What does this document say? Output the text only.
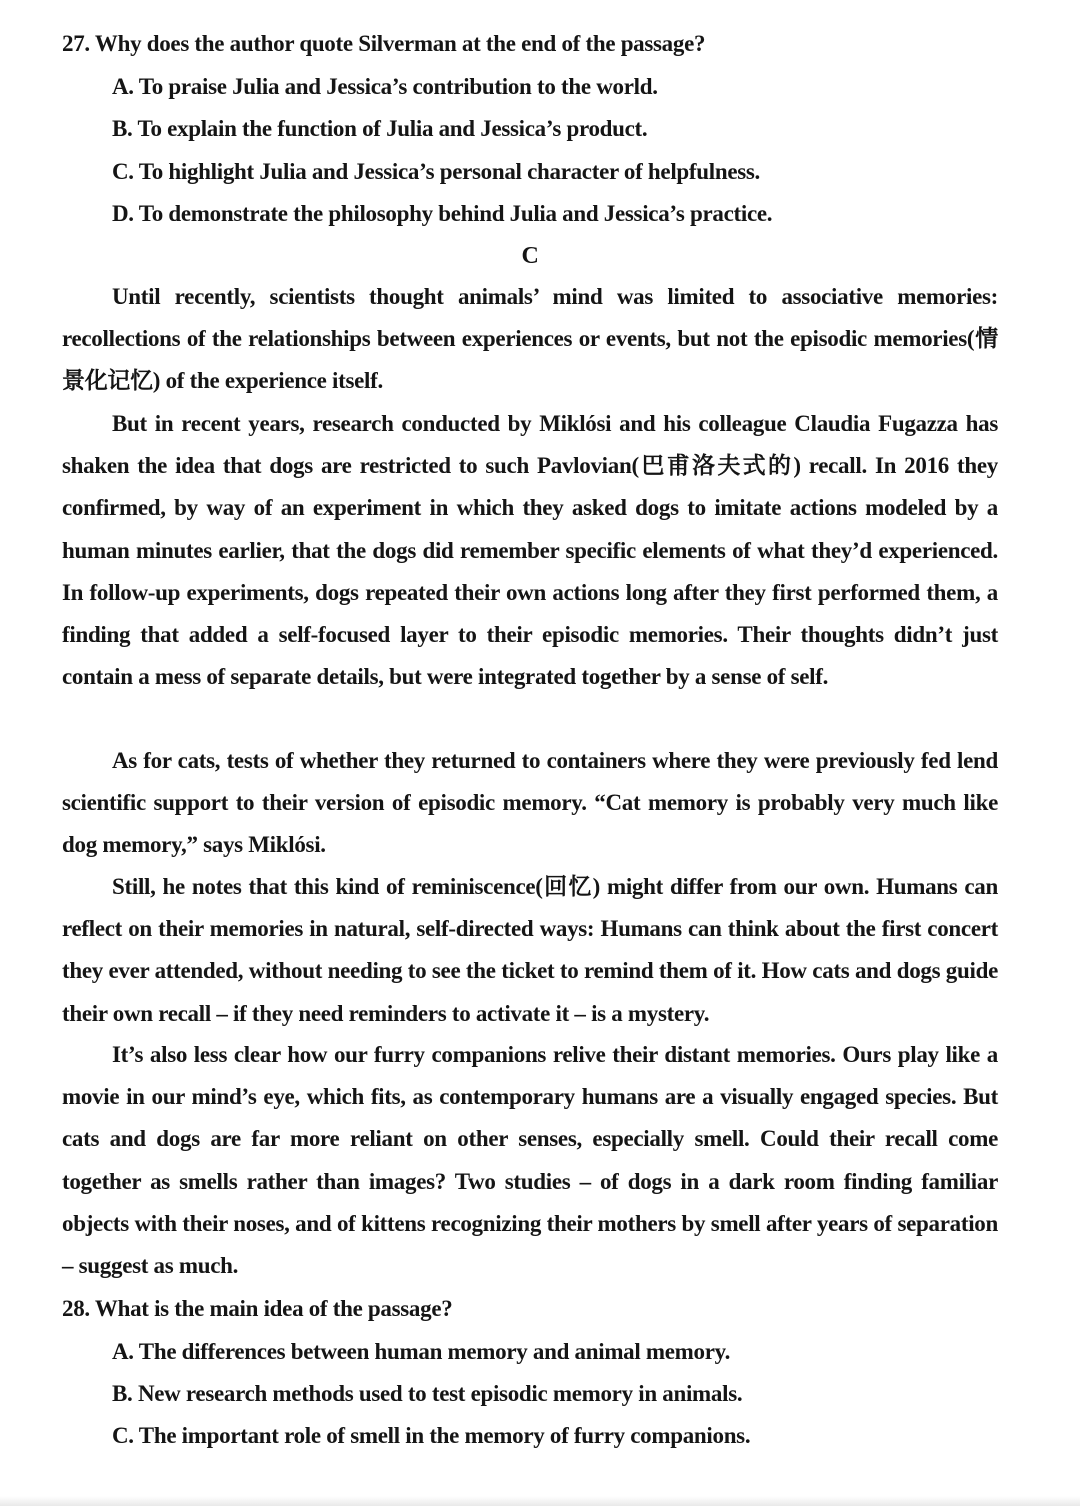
27. Why does the author quote Silverman at the end of the passage?
A. To praise Julia and Jessica’s contribution to the world.
B. To explain the function of Julia and Jessica’s product.
C. To highlight Julia and Jessica’s personal character of helpfulness.
D. To demonstrate the philosophy behind Julia and Jessica’s practice.
C

Until recently, scientists thought animals’ mind was limited to associative memories: recollections of the relationships between experiences or events, but not the episodic memories(情景化记忆) of the experience itself.

But in recent years, research conducted by Miklósi and his colleague Claudia Fugazza has shaken the idea that dogs are restricted to such Pavlovian(巴甫洛夫式的) recall. In 2016 they confirmed, by way of an experiment in which they asked dogs to imitate actions modeled by a human minutes earlier, that the dogs did remember specific elements of what they’d experienced. In follow-up experiments, dogs repeated their own actions long after they first performed them, a finding that added a self-focused layer to their episodic memories. Their thoughts didn’t just contain a mess of separate details, but were integrated together by a sense of self.

As for cats, tests of whether they returned to containers where they were previously fed lend scientific support to their version of episodic memory. “Cat memory is probably very much like dog memory,” says Miklósi.

Still, he notes that this kind of reminiscence(回忆) might differ from our own. Humans can reflect on their memories in natural, self-directed ways: Humans can think about the first concert they ever attended, without needing to see the ticket to remind them of it. How cats and dogs guide their own recall – if they need reminders to activate it – is a mystery.

It’s also less clear how our furry companions relive their distant memories. Ours play like a movie in our mind’s eye, which fits, as contemporary humans are a visually engaged species. But cats and dogs are far more reliant on other senses, especially smell. Could their recall come together as smells rather than images? Two studies – of dogs in a dark room finding familiar objects with their noses, and of kittens recognizing their mothers by smell after years of separation – suggest as much.

28. What is the main idea of the passage?
A. The differences between human memory and animal memory.
B. New research methods used to test episodic memory in animals.
C. The important role of smell in the memory of furry companions.
